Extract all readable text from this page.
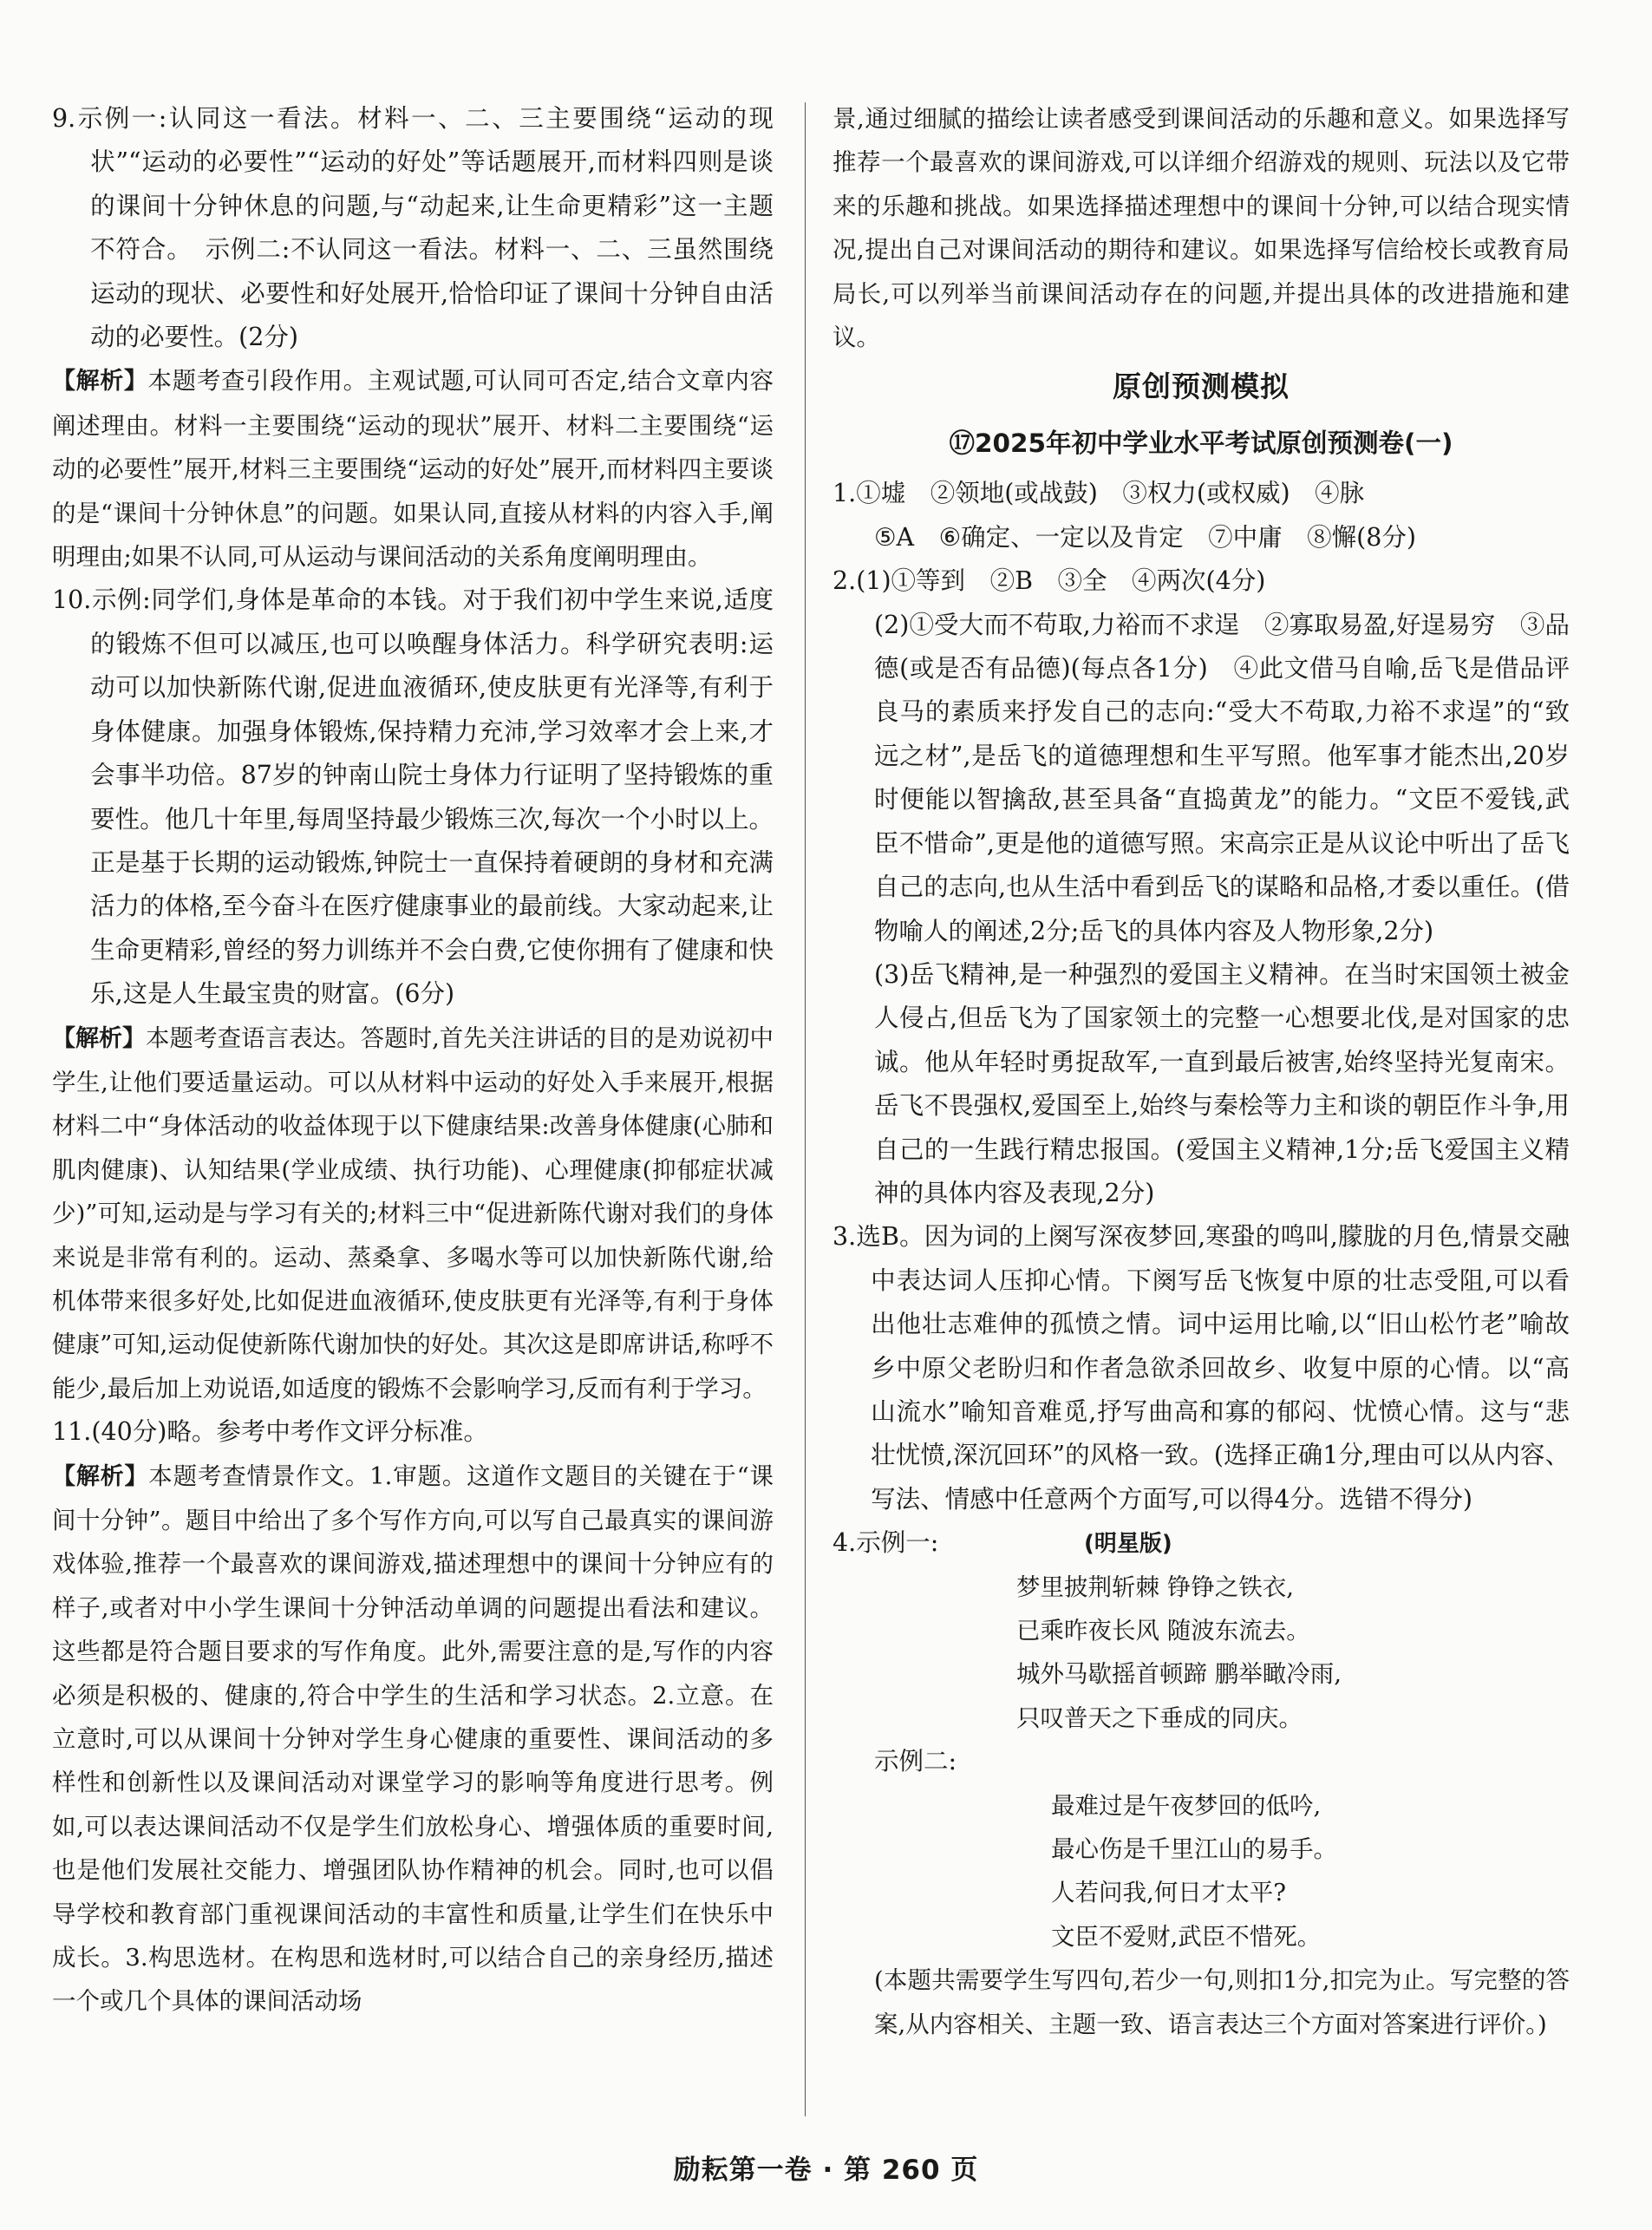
9.示例一:认同这一看法。材料一、二、三主要围绕“运动的现状”“运动的必要性”“运动的好处”等话题展开,而材料四则是谈的课间十分钟休息的问题,与“动起来,让生命更精彩”这一主题不符合。　示例二:不认同这一看法。材料一、二、三虽然围绕运动的现状、必要性和好处展开,恰恰印证了课间十分钟自由活动的必要性。(2分)

【解析】本题考查引段作用。主观试题,可认同可否定,结合文章内容阐述理由。材料一主要围绕“运动的现状”展开、材料二主要围绕“运动的必要性”展开,材料三主要围绕“运动的好处”展开,而材料四主要谈的是“课间十分钟休息”的问题。如果认同,直接从材料的内容入手,阐明理由;如果不认同,可从运动与课间活动的关系角度阐明理由。

10.示例:同学们,身体是革命的本钱。对于我们初中学生来说,适度的锻炼不但可以减压,也可以唤醒身体活力。科学研究表明:运动可以加快新陈代谢,促进血液循环,使皮肤更有光泽等,有利于身体健康。加强身体锻炼,保持精力充沛,学习效率才会上来,才会事半功倍。87岁的钟南山院士身体力行证明了坚持锻炼的重要性。他几十年里,每周坚持最少锻炼三次,每次一个小时以上。正是基于长期的运动锻炼,钟院士一直保持着硬朗的身材和充满活力的体格,至今奋斗在医疗健康事业的最前线。大家动起来,让生命更精彩,曾经的努力训练并不会白费,它使你拥有了健康和快乐,这是人生最宝贵的财富。(6分)

【解析】本题考查语言表达。答题时,首先关注讲话的目的是劝说初中学生,让他们要适量运动。可以从材料中运动的好处入手来展开,根据材料二中“身体活动的收益体现于以下健康结果:改善身体健康(心肺和肌肉健康)、认知结果(学业成绩、执行功能)、心理健康(抑郁症状减少)”可知,运动是与学习有关的;材料三中“促进新陈代谢对我们的身体来说是非常有利的。运动、蒸桑拿、多喝水等可以加快新陈代谢,给机体带来很多好处,比如促进血液循环,使皮肤更有光泽等,有利于身体健康”可知,运动促使新陈代谢加快的好处。其次这是即席讲话,称呼不能少,最后加上劝说语,如适度的锻炼不会影响学习,反而有利于学习。

11.(40分)略。参考中考作文评分标准。

【解析】本题考查情景作文。1.审题。这道作文题目的关键在于“课间十分钟”。题目中给出了多个写作方向,可以写自己最真实的课间游戏体验,推荐一个最喜欢的课间游戏,描述理想中的课间十分钟应有的样子,或者对中小学生课间十分钟活动单调的问题提出看法和建议。这些都是符合题目要求的写作角度。此外,需要注意的是,写作的内容必须是积极的、健康的,符合中学生的生活和学习状态。2.立意。在立意时,可以从课间十分钟对学生身心健康的重要性、课间活动的多样性和创新性以及课间活动对课堂学习的影响等角度进行思考。例如,可以表达课间活动不仅是学生们放松身心、增强体质的重要时间,也是他们发展社交能力、增强团队协作精神的机会。同时,也可以倡导学校和教育部门重视课间活动的丰富性和质量,让学生们在快乐中成长。3.构思选材。在构思和选材时,可以结合自己的亲身经历,描述一个或几个具体的课间活动场

景,通过细腻的描绘让读者感受到课间活动的乐趣和意义。如果选择写推荐一个最喜欢的课间游戏,可以详细介绍游戏的规则、玩法以及它带来的乐趣和挑战。如果选择描述理想中的课间十分钟,可以结合现实情况,提出自己对课间活动的期待和建议。如果选择写信给校长或教育局局长,可以列举当前课间活动存在的问题,并提出具体的改进措施和建议。

原创预测模拟
⑰2025年初中学业水平考试原创预测卷(一)

1.①墟　②领地(或战鼓)　③权力(或权威)　④脉

⑤A　⑥确定、一定以及肯定　⑦中庸　⑧懈(8分)

2.(1)①等到　②B　③全　④两次(4分)

(2)①受大而不苟取,力裕而不求逞　②寡取易盈,好逞易穷　③品德(或是否有品德)(每点各1分)　④此文借马自喻,岳飞是借品评良马的素质来抒发自己的志向:“受大不苟取,力裕不求逞”的“致远之材”,是岳飞的道德理想和生平写照。他军事才能杰出,20岁时便能以智擒敌,甚至具备“直捣黄龙”的能力。“文臣不爱钱,武臣不惜命”,更是他的道德写照。宋高宗正是从议论中听出了岳飞自己的志向,也从生活中看到岳飞的谋略和品格,才委以重任。(借物喻人的阐述,2分;岳飞的具体内容及人物形象,2分)

(3)岳飞精神,是一种强烈的爱国主义精神。在当时宋国领土被金人侵占,但岳飞为了国家领土的完整一心想要北伐,是对国家的忠诚。他从年轻时勇捉敌军,一直到最后被害,始终坚持光复南宋。岳飞不畏强权,爱国至上,始终与秦桧等力主和谈的朝臣作斗争,用自己的一生践行精忠报国。(爱国主义精神,1分;岳飞爱国主义精神的具体内容及表现,2分)

3.选B。因为词的上阕写深夜梦回,寒蛩的鸣叫,朦胧的月色,情景交融中表达词人压抑心情。下阕写岳飞恢复中原的壮志受阻,可以看出他壮志难伸的孤愤之情。词中运用比喻,以“旧山松竹老”喻故乡中原父老盼归和作者急欲杀回故乡、收复中原的心情。以“高山流水”喻知音难觅,抒写曲高和寡的郁闷、忧愤心情。这与“悲壮忧愤,深沉回环”的风格一致。(选择正确1分,理由可以从内容、写法、情感中任意两个方面写,可以得4分。选错不得分)

4.示例一:	(明星版)

梦里披荆斩棘 铮铮之铁衣,

已乘昨夜长风 随波东流去。

城外马歇摇首顿蹄 鹏举瞰冷雨,

只叹普天之下垂成的同庆。

示例二:

最难过是午夜梦回的低吟,

最心伤是千里江山的易手。

人若问我,何日才太平?

文臣不爱财,武臣不惜死。

(本题共需要学生写四句,若少一句,则扣1分,扣完为止。写完整的答案,从内容相关、主题一致、语言表达三个方面对答案进行评价。)

励耘第一卷 · 第 260 页
